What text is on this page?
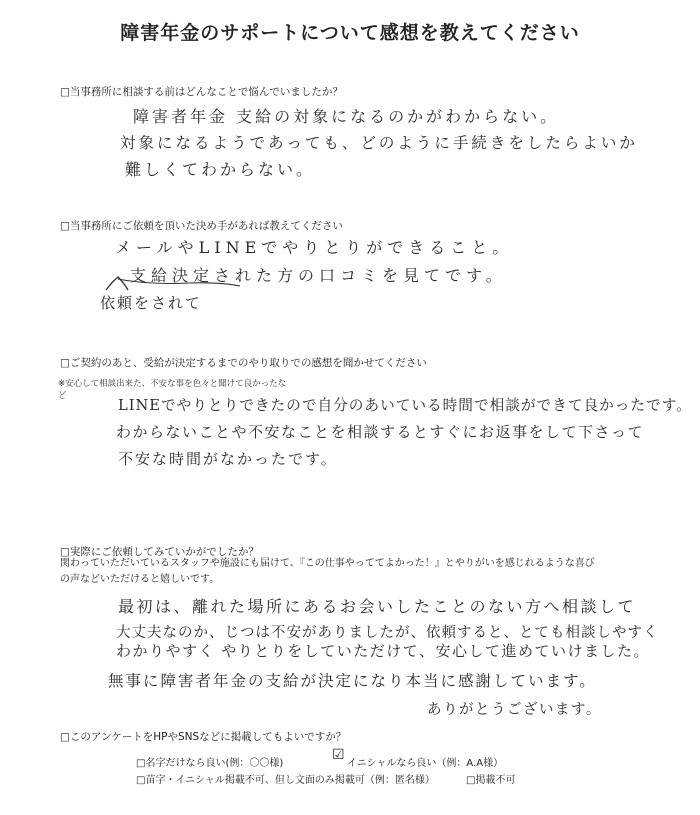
障害年金のサポートについて感想を教えてください
□当事務所に相談する前はどんなことで悩んでいましたか？
障害者年金 支給の対象になるのかがわからない。
対象になるようであっても、どのように手続きをしたらよいか
難しくてわからない。
□当事務所にご依頼を頂いた決め手があれば教えてください
メールやLINEでやりとりができること。
支給決定された方の口コミを見てです。
依頼をされて
□ご契約のあと、受給が決定するまでのやり取りでの感想を聞かせてください
※安心して相談出来た、不安な事を色々と聞けて良かったな
ど	LINEでやりとりできたので自分のあいている時間で相談ができて良かったです。
わからないことや不安なことを相談するとすぐにお返事をして下さって
不安な時間がなかったです。
□実際にご依頼してみていかがでしたか？
関わっていただいているスタッフや施設にも届けて、『この仕事やっててよかった！』とやりがいを感じれるような喜び
の声などいただけると嬉しいです。
最初は、離れた場所にあるお会いしたことのない方へ相談して
大丈夫なのか、じつは不安がありましたが、依頼すると、とても相談しやすく
わかりやすく やりとりをしていただけて、安心して進めていけました。
無事に障害者年金の支給が決定になり本当に感謝しています。
ありがとうございます。
□このアンケートをHPやSNSなどに掲載してもよいですか？
□名字だけなら良い(例：〇〇様)
☑
イニシャルなら良い（例：A.A様）
□苗字・イニシャル掲載不可、但し文面のみ掲載可（例：匿名様）	□掲載不可
